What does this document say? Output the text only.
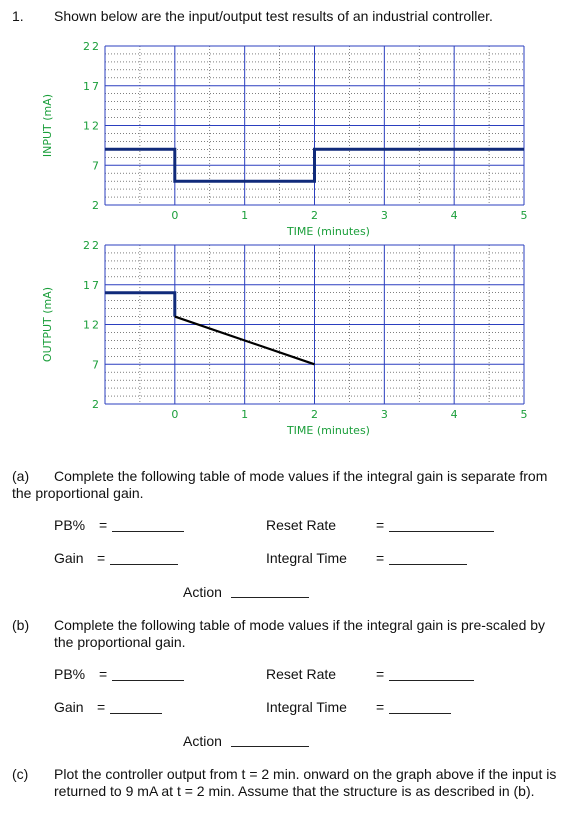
1. Shown below are the input/output test results of an industrial controller.
2
7
12
17
22
0	1	2	3	4	5
TIME (minutes)
INPUT (mA)
2
7
12
17
22
0	1	2	3	4	5
TIME (minutes)
OUTPUT (mA)
(a) Complete the following table of mode values if the integral gain is separate from
the proportional gain.
PB% =	Reset Rate	=
Gain =	Integral Time =
Action
(b) Complete the following table of mode values if the integral gain is pre-scaled by
the proportional gain.
PB% =	Reset Rate	=
Gain =	Integral Time =
Action
(c) Plot the controller output from t = 2 min. onward on the graph above if the input is
returned to 9 mA at t = 2 min. Assume that the structure is as described in (b).
